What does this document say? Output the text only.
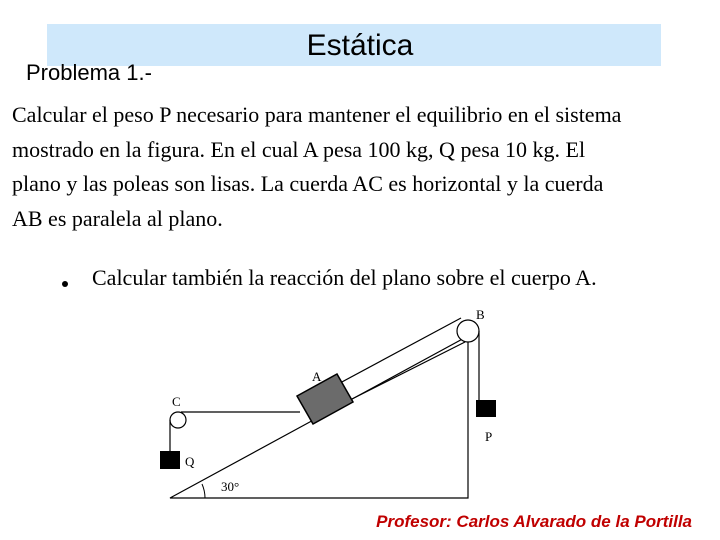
Estática
Problema 1.-
Calcular el peso P necesario para mantener el equilibrio en el sistema
mostrado en la figura. En el cual A pesa 100 kg, Q pesa 10 kg. El
plano y las poleas son lisas. La cuerda AC es horizontal y la cuerda
AB es paralela al plano.
Calcular también la reacción del plano sobre el cuerpo A.
B
A
C
P
Q
30°
Profesor: Carlos Alvarado de la Portilla
